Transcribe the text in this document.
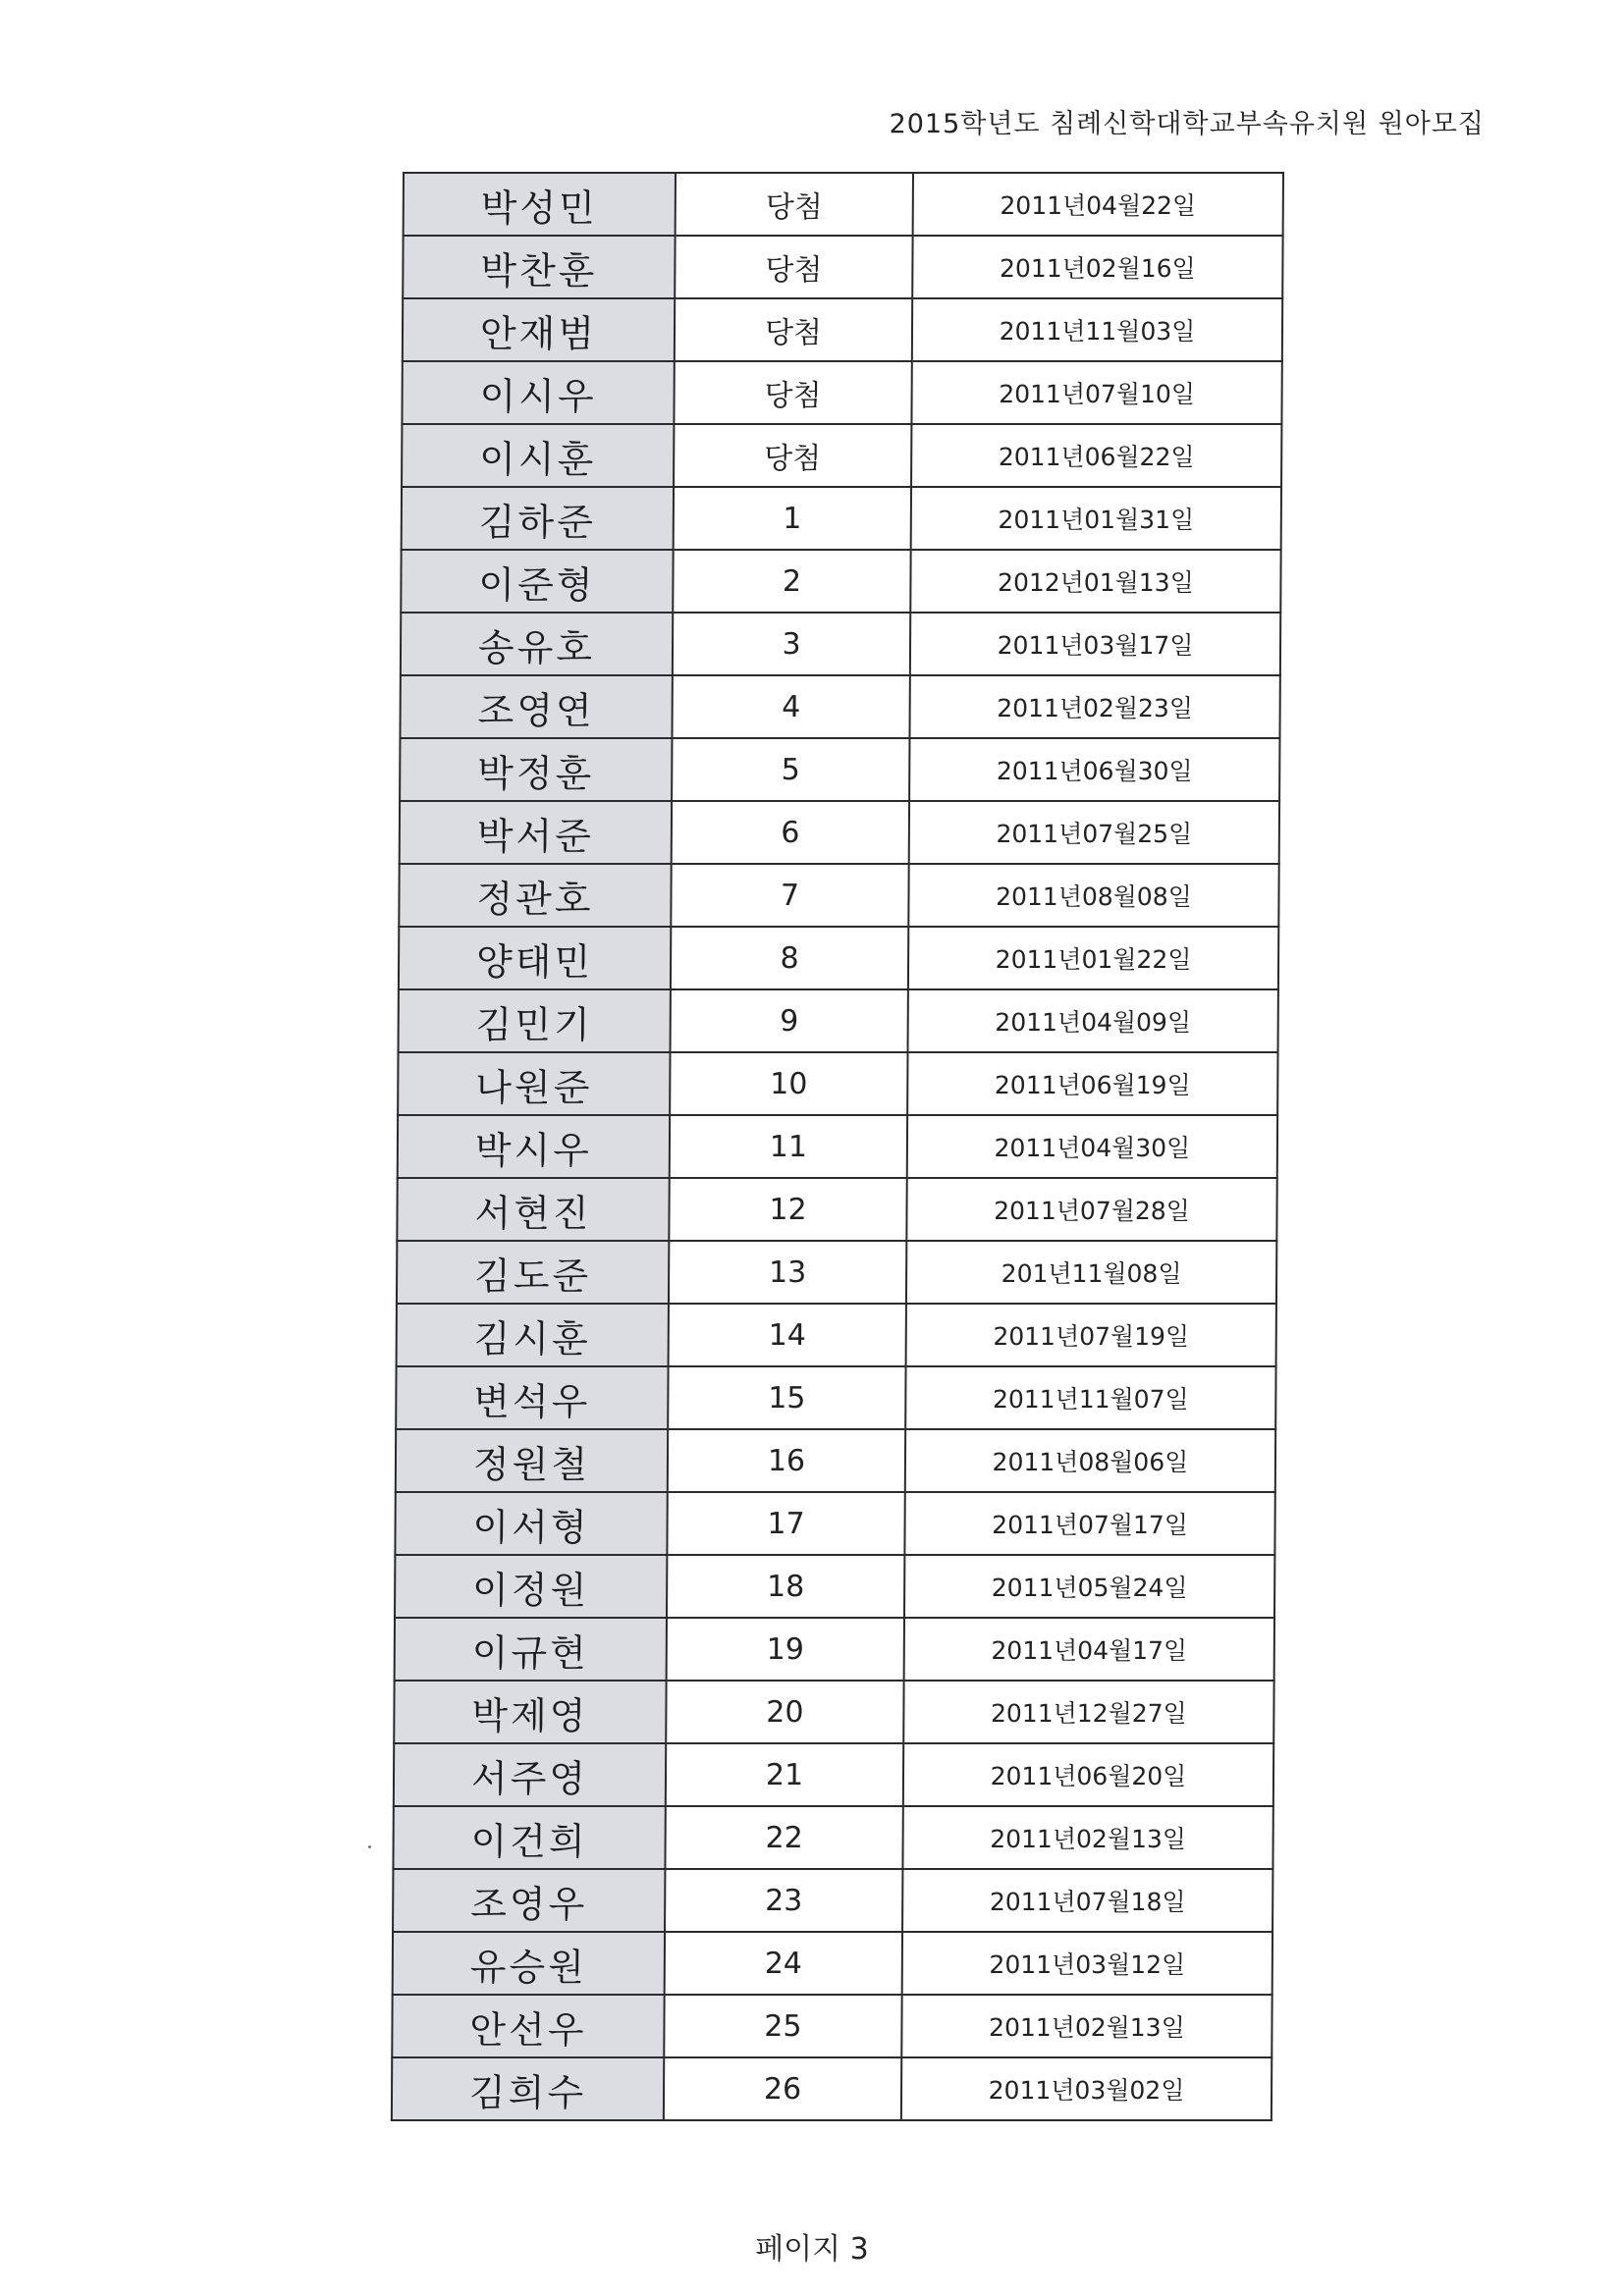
2015학년도 침례신학대학교부속유치원 원아모집
박성민	당첨	2011년04월22일
박찬훈	당첨	2011년02월16일
안재범	당첨	2011년11월03일
이시우	당첨	2011년07월10일
이시훈	당첨	2011년06월22일
김하준	1	2011년01월31일
이준형	2	2012년01월13일
송유호	3	2011년03월17일
조영연	4	2011년02월23일
박정훈	5	2011년06월30일
박서준	6	2011년07월25일
정관호	7	2011년08월08일
양태민	8	2011년01월22일
김민기	9	2011년04월09일
나원준	10	2011년06월19일
박시우	11	2011년04월30일
서현진	12	2011년07월28일
김도준	13	201년11월08일
김시훈	14	2011년07월19일
변석우	15	2011년11월07일
정원철	16	2011년08월06일
이서형	17	2011년07월17일
이정원	18	2011년05월24일
이규현	19	2011년04월17일
박제영	20	2011년12월27일
서주영	21	2011년06월20일
이건희	22	2011년02월13일
조영우	23	2011년07월18일
유승원	24	2011년03월12일
안선우	25	2011년02월13일
김희수	26	2011년03월02일
페이지 3
